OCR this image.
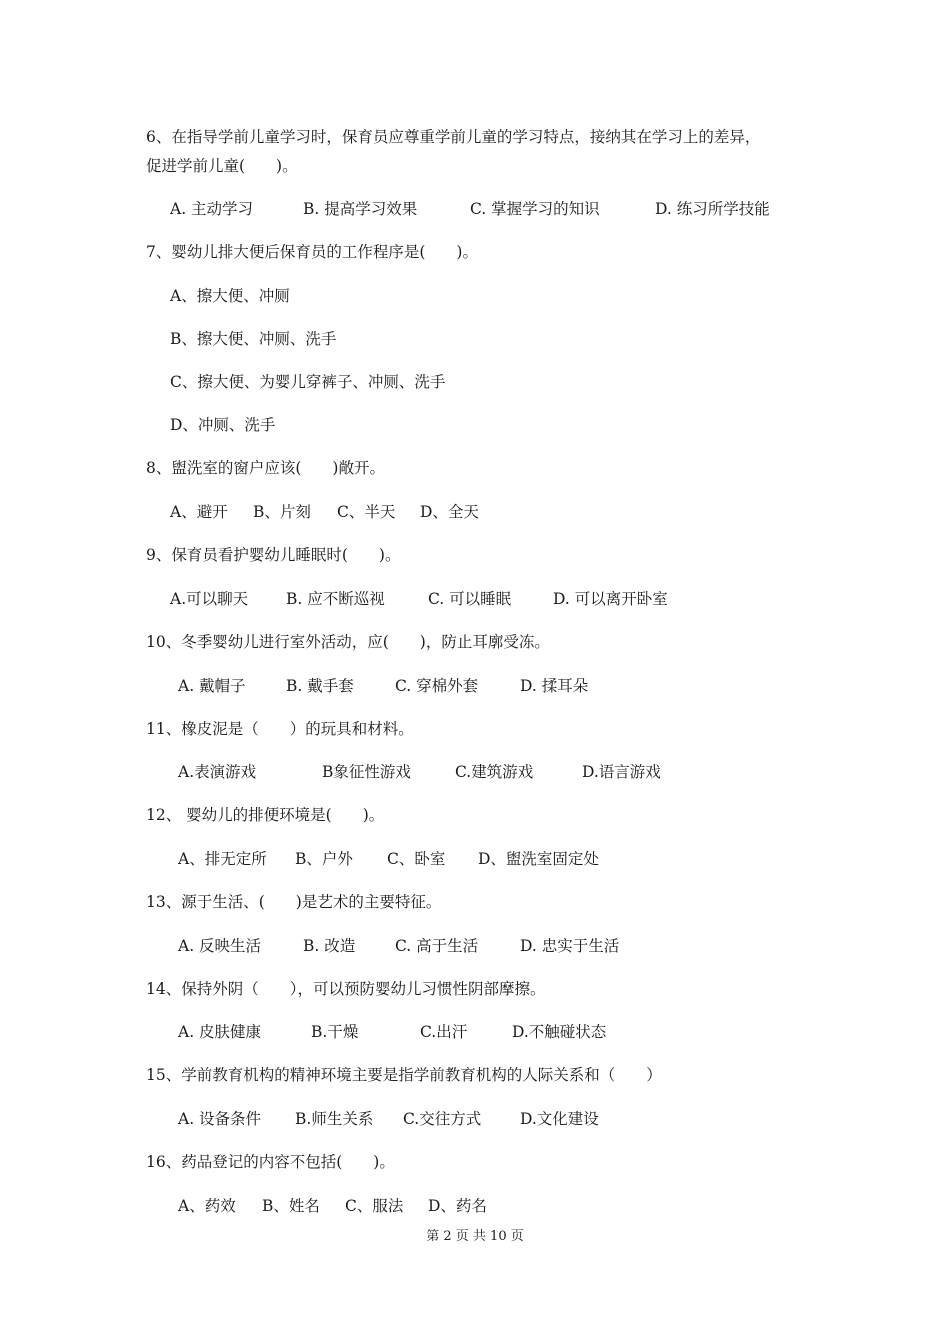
6、在指导学前儿童学习时，保育员应尊重学前儿童的学习特点，接纳其在学习上的差异，
促进学前儿童(　　)。
A. 主动学习	B. 提高学习效果	C. 掌握学习的知识	D. 练习所学技能
7、婴幼儿排大便后保育员的工作程序是(　　)。
A、擦大便、冲厕
B、擦大便、冲厕、洗手
C、擦大便、为婴儿穿裤子、冲厕、洗手
D、冲厕、洗手
8、盥洗室的窗户应该(　　)敞开。
A、避开 B、片刻 C、半天 D、全天
9、保育员看护婴幼儿睡眠时(　　)。
A.可以聊天 B. 应不断巡视	C. 可以睡眠	D. 可以离开卧室
10、冬季婴幼儿进行室外活动，应(　　)，防止耳廓受冻。
A. 戴帽子	B. 戴手套	C. 穿棉外套	D. 揉耳朵
11、橡皮泥是（　　）的玩具和材料。
A.表演游戏	B象征性游戏	C.建筑游戏	D.语言游戏
12、 婴幼儿的排便环境是(　　)。
A、排无定所 B、户外 C、卧室 D、盥洗室固定处
13、源于生活、(　　)是艺术的主要特征。
A. 反映生活	B. 改造	C. 高于生活	D. 忠实于生活
14、保持外阴（　　），可以预防婴幼儿习惯性阴部摩擦。
A. 皮肤健康	B.干燥	C.出汗	D.不触碰状态
15、学前教育机构的精神环境主要是指学前教育机构的人际关系和（　　）
A. 设备条件 B.师生关系 C.交往方式	D.文化建设
16、药品登记的内容不包括(　　)。
A、药效 B、姓名 C、服法 D、药名
第 2 页 共 10 页
